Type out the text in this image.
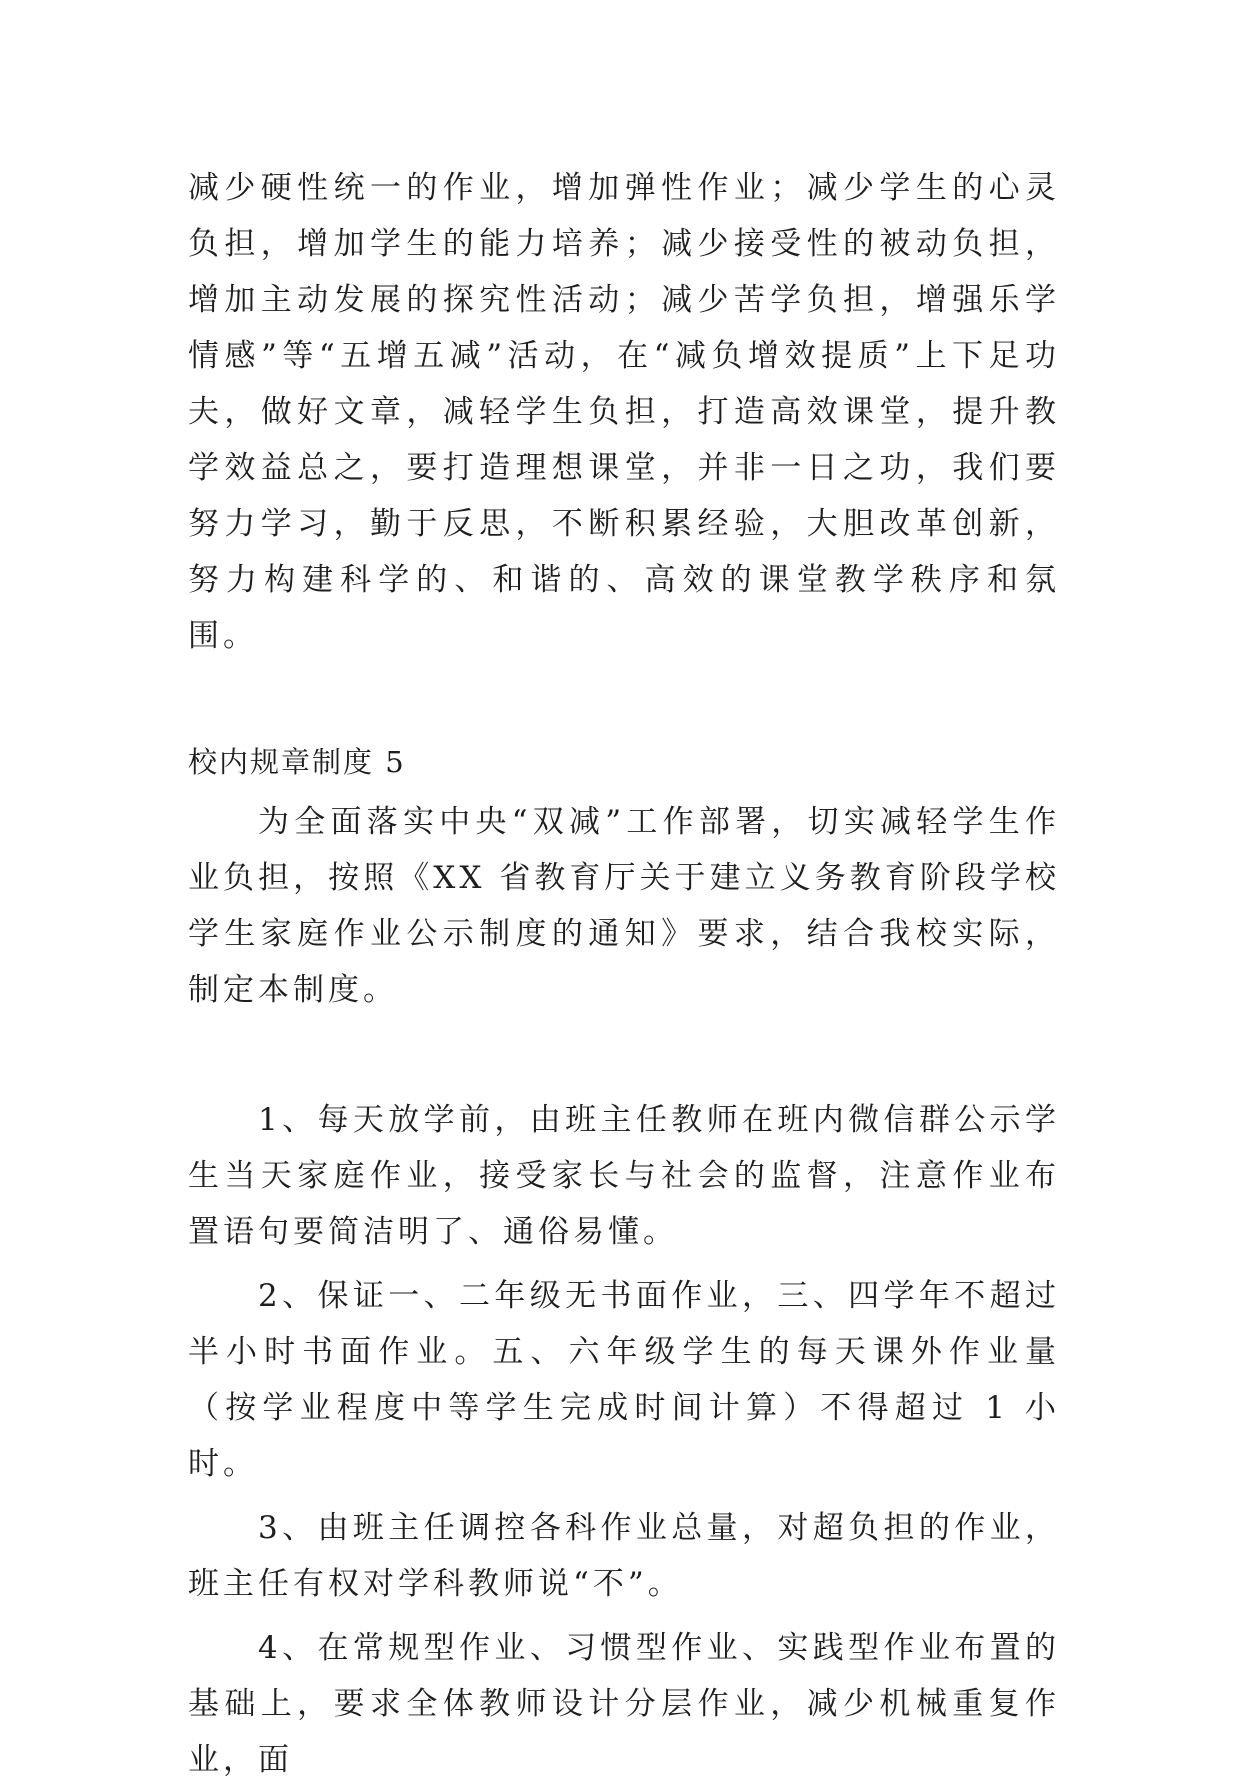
减少硬性统一的作业，增加弹性作业；减少学生的心灵负担，增加学生的能力培养；减少接受性的被动负担，增加主动发展的探究性活动；减少苦学负担，增强乐学情感”等“五增五减”活动，在“减负增效提质”上下足功夫，做好文章，减轻学生负担，打造高效课堂，提升教学效益总之，要打造理想课堂，并非一日之功，我们要努力学习，勤于反思，不断积累经验，大胆改革创新，努力构建科学的、和谐的、高效的课堂教学秩序和氛围。

校内规章制度 5

为全面落实中央“双减”工作部署，切实减轻学生作业负担，按照《XX 省教育厅关于建立义务教育阶段学校学生家庭作业公示制度的通知》要求，结合我校实际，制定本制度。

1、每天放学前，由班主任教师在班内微信群公示学生当天家庭作业，接受家长与社会的监督，注意作业布置语句要简洁明了、通俗易懂。

2、保证一、二年级无书面作业，三、四学年不超过半小时书面作业。五、六年级学生的每天课外作业量（按学业程度中等学生完成时间计算）不得超过 1 小时。

3、由班主任调控各科作业总量，对超负担的作业，班主任有权对学科教师说“不”。

4、在常规型作业、习惯型作业、实践型作业布置的基础上，要求全体教师设计分层作业，减少机械重复作业，面
